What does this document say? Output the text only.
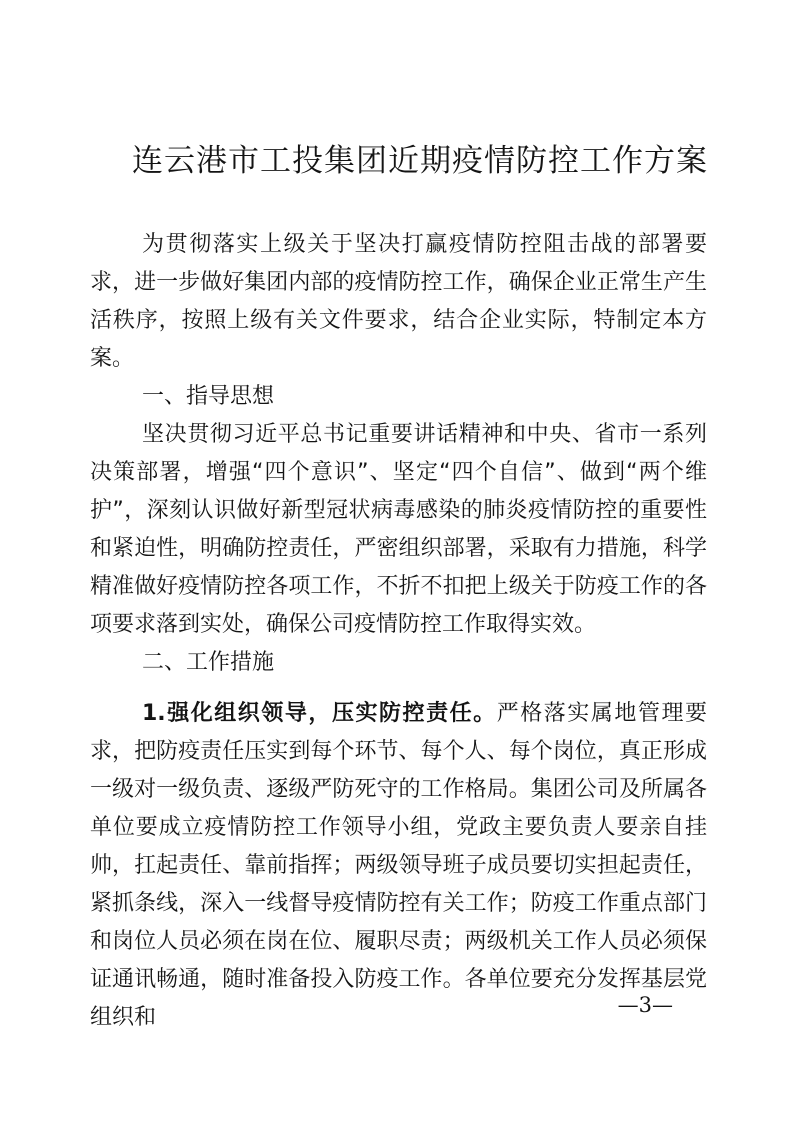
连云港市工投集团近期疫情防控工作方案

为贯彻落实上级关于坚决打赢疫情防控阻击战的部署要求，进一步做好集团内部的疫情防控工作，确保企业正常生产生活秩序，按照上级有关文件要求，结合企业实际，特制定本方案。

一、指导思想

坚决贯彻习近平总书记重要讲话精神和中央、省市一系列决策部署，增强“四个意识”、坚定“四个自信”、做到“两个维护”，深刻认识做好新型冠状病毒感染的肺炎疫情防控的重要性和紧迫性，明确防控责任，严密组织部署，采取有力措施，科学精准做好疫情防控各项工作，不折不扣把上级关于防疫工作的各项要求落到实处，确保公司疫情防控工作取得实效。

二、工作措施

1.强化组织领导，压实防控责任。严格落实属地管理要求，把防疫责任压实到每个环节、每个人、每个岗位，真正形成一级对一级负责、逐级严防死守的工作格局。集团公司及所属各单位要成立疫情防控工作领导小组，党政主要负责人要亲自挂帅，扛起责任、靠前指挥；两级领导班子成员要切实担起责任，紧抓条线，深入一线督导疫情防控有关工作；防疫工作重点部门和岗位人员必须在岗在位、履职尽责；两级机关工作人员必须保证通讯畅通，随时准备投入防疫工作。各单位要充分发挥基层党组织和	—3—
